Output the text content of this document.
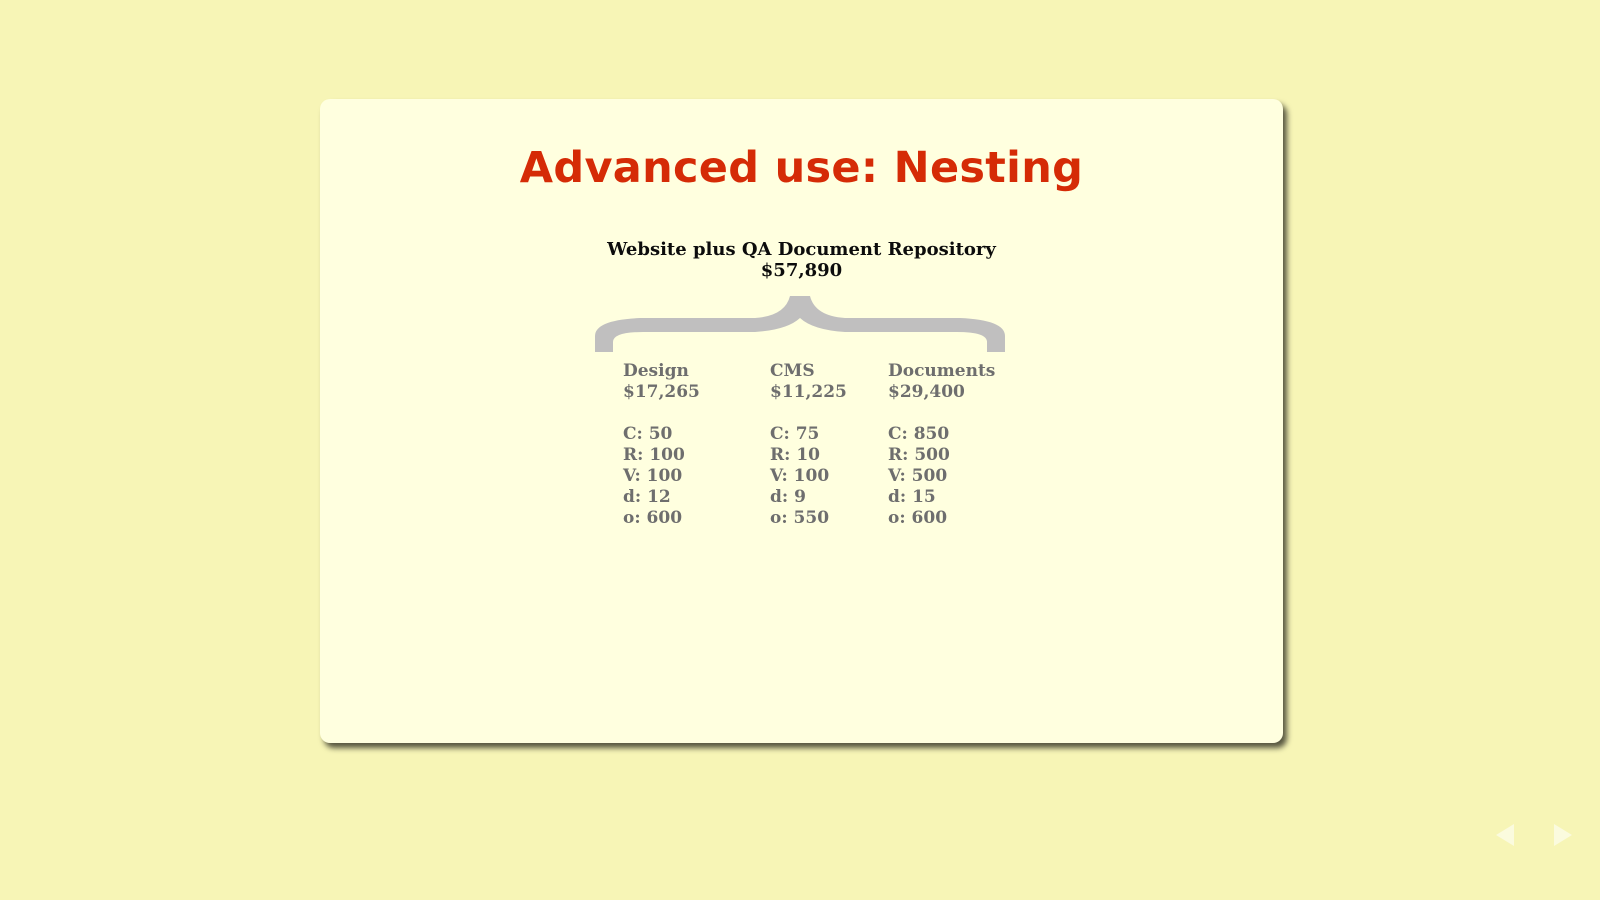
Advanced use: Nesting
Website plus QA Document Repository
$57,890
Design
$17,265
C: 50
R: 100
V: 100
d: 12
o: 600
CMS
$11,225
C: 75
R: 10
V: 100
d: 9
o: 550
Documents
$29,400
C: 850
R: 500
V: 500
d: 15
o: 600
